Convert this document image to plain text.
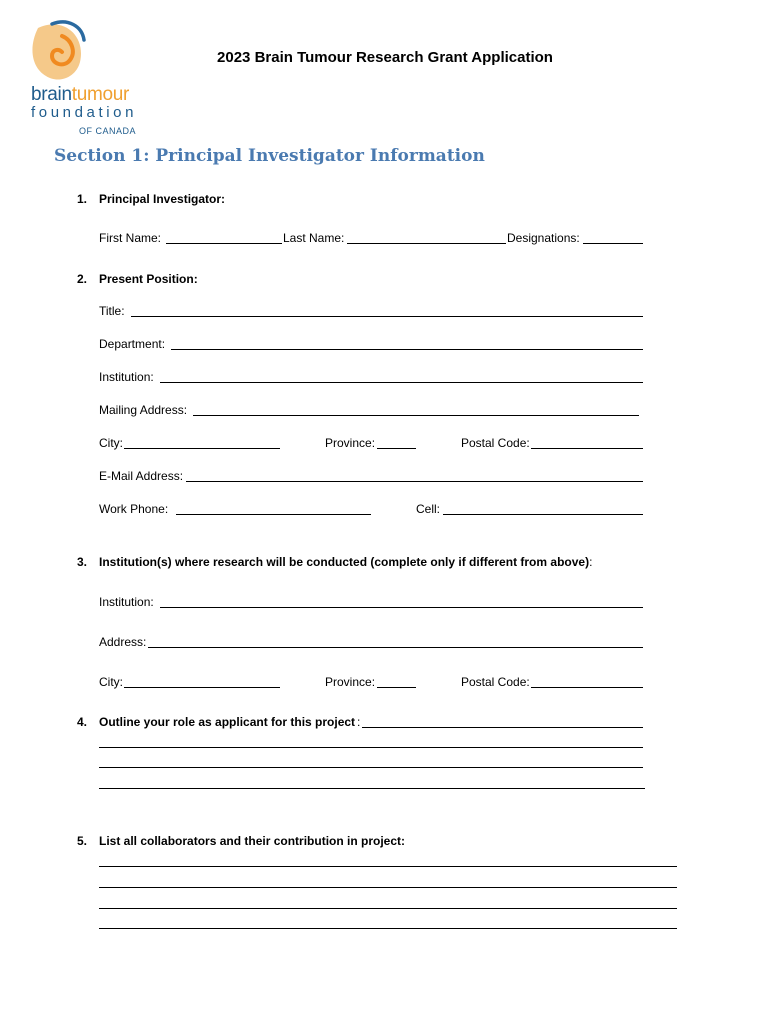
braintumour
foundation
OF CANADA
2023 Brain Tumour Research Grant Application
Section 1: Principal Investigator Information
1. Principal Investigator:
First Name:	Last Name:	Designations:
2. Present Position:
Title:
Department:
Institution:
Mailing Address:
City:	Province:	Postal Code:
E-Mail Address:
Work Phone:	Cell:
3. Institution(s) where research will be conducted (complete only if different from above):
Institution:
Address:
City:	Province:	Postal Code:
4. Outline your role as applicant for this project :
5. List all collaborators and their contribution in project:
